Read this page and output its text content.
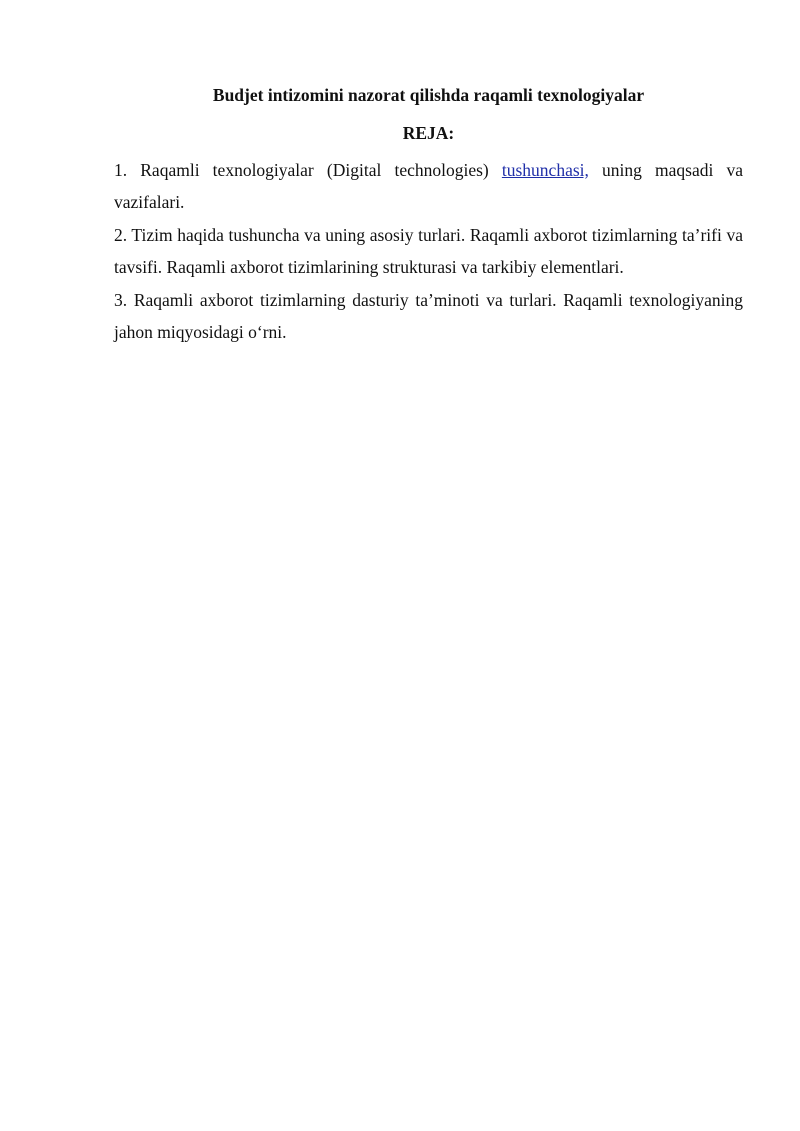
Budjet intizomini nazorat qilishda raqamli texnologiyalar
REJA:
1. Raqamli texnologiyalar (Digital technologies) tushunchasi, uning maqsadi va vazifalari.
2. Tizim haqida tushuncha va uning asosiy turlari. Raqamli axborot tizimlarning ta’rifi va tavsifi. Raqamli axborot tizimlarining strukturasi va tarkibiy elementlari.
3. Raqamli axborot tizimlarning dasturiy ta’minoti va turlari. Raqamli texnologiyaning jahon miqyosidagi o‘rni.
